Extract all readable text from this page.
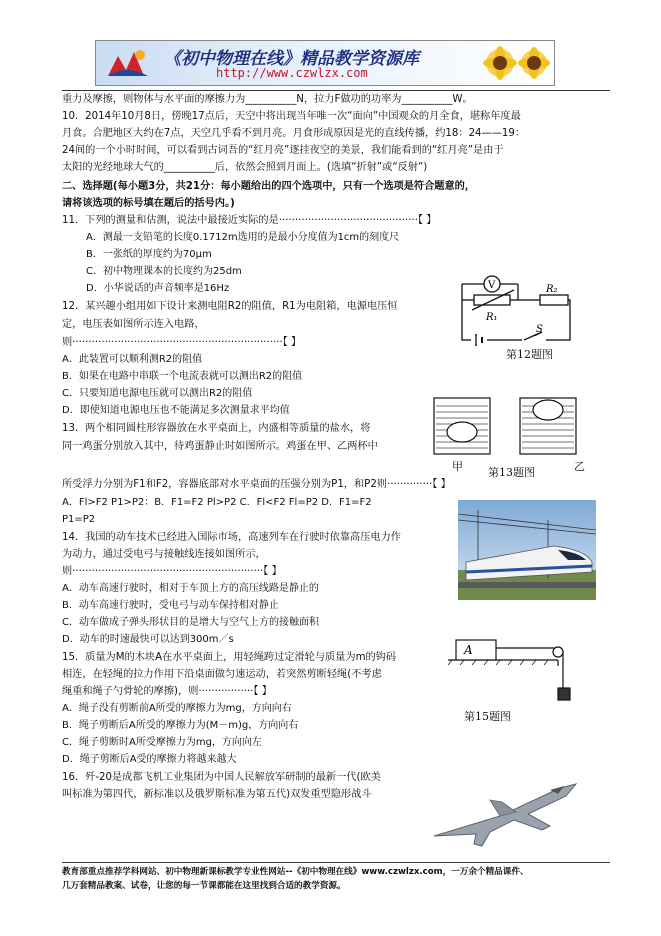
《初中物理在线》精品教学资源库
http://www.czwlzx.com
重力及摩擦，则物体与水平面的摩擦力为__________N，拉力F做功的功率为__________W。
10．2014年10月8日，傍晚17点后，天空中将出现当年唯一次“面向”中国观众的月全食，堪称年度最
月食。合肥地区大约在7点，天空几乎看不到月亮。月食形成原因是光的直线传播，约18：24——19：
24间的一个小时时间，可以看到古词吾的“红月亮”逐挂夜空的美景，我们能看到的“红月亮”是由于
太阳的光经地球大气的__________后，依然会照到月面上。(选填“折射”或“反射”)
二、选择题(每小题3分，共21分：每小题给出的四个选项中，只有一个选项是符合题意的，
请将该选项的标号填在题后的括号内。)
11．下列的测量和估测，说法中最接近实际的是···········································【 】
A．测最一支铅笔的长度0.1712m选用的是最小分度值为1cm的刻度尺
B．一张纸的厚度约为70μm
C．初中物理课本的长度约为25dm
D．小华说话的声音频率是16Hz
12．某兴趣小组用如下设计来测电阻R2的阻值，R1为电阻箱，电源电压恒
定，电压表如图所示连入电路，
则·································································【 】
A．此装置可以顺利测R2的阻值
B．如果在电路中串联一个电流表就可以测出R2的阻值
C．只要知道电源电压就可以测出R2的阻值
D．即使知道电源电压也不能满足多次测量求平均值
V	R₂
R₁
S
第12题图
13．两个相同圆柱形容器放在水平桌面上，内盛相等质量的盐水，将
同一鸡蛋分别放入其中，待鸡蛋静止时如图所示。鸡蛋在甲、乙两杯中
甲 第13题图	乙
所受浮力分别为F1和F2，容器底部对水平桌面的压强分别为P1，和P2则··············【 】
A．Fl>F2 P1>P2：B．F1=F2 Pl>P2 C．Fl<F2 Fl=P2 D．F1=F2
P1=P2
14．我国的动车技术已经进入国际市场，高速列车在行驶时依靠高压电力作
为动力，通过受电弓与接触线连接如图所示，
则···························································【 】
A．动车高速行驶时，相对于车顶上方的高压线路是静止的
B．动车高速行驶时，受电弓与动车保持相对静止
C．动车做成子弹头形状目的是增大与空气上方的接触面积
D．动车的时速最快可以达到300m／s
15．质量为M的木块A在水平桌面上，用轻绳跨过定滑轮与质量为m的钩码
相连，在轻绳的拉力作用下沿桌面做匀速运动，若突然剪断轻绳(不考虑
绳重和绳子勺骨轮的摩擦)，则·················【 】
A
第15题图
A．绳子没有剪断前A所受的摩擦力为mg，方向向右
B．绳子剪断后A所受的摩擦力为(M－m)g，方向向右
C．绳子剪断时A所受摩擦力为mg，方向向左
D．绳子剪断后A受的摩擦力将越来越大
16．歼-20是成都飞机工业集团为中国人民解放军研制的最新一代(欧美
叫标准为第四代，新标准以及俄罗斯标准为第五代)双发重型隐形战斗
教育部重点推荐学科网站、初中物理新课标教学专业性网站--《初中物理在线》www.czwlzx.com，一万余个精品课件、
几万套精品教案、试卷，让您的每一节课都能在这里找到合适的教学资源。
